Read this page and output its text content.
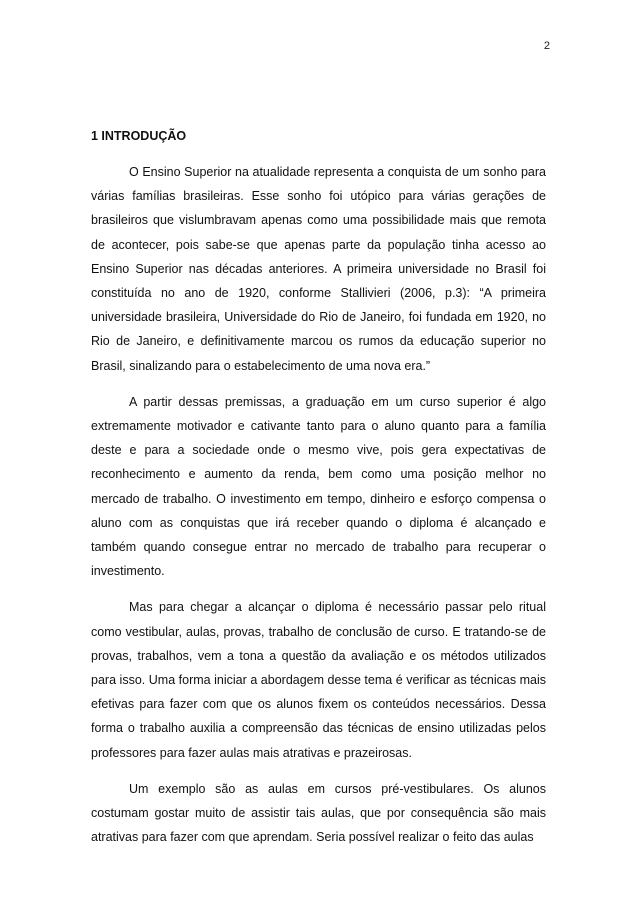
2
1 INTRODUÇÃO

O Ensino Superior na atualidade representa a conquista de um sonho para várias famílias brasileiras. Esse sonho foi utópico para várias gerações de brasileiros que vislumbravam apenas como uma possibilidade mais que remota de acontecer, pois sabe-se que apenas parte da população tinha acesso ao Ensino Superior nas décadas anteriores. A primeira universidade no Brasil foi constituída no ano de 1920, conforme Stallivieri (2006, p.3): “A primeira universidade brasileira, Universidade do Rio de Janeiro, foi fundada em 1920, no Rio de Janeiro, e definitivamente marcou os rumos da educação superior no Brasil, sinalizando para o estabelecimento de uma nova era.”

A partir dessas premissas, a graduação em um curso superior é algo extremamente motivador e cativante tanto para o aluno quanto para a família deste e para a sociedade onde o mesmo vive, pois gera expectativas de reconhecimento e aumento da renda, bem como uma posição melhor no mercado de trabalho. O investimento em tempo, dinheiro e esforço compensa o aluno com as conquistas que irá receber quando o diploma é alcançado e também quando consegue entrar no mercado de trabalho para recuperar o investimento.

Mas para chegar a alcançar o diploma é necessário passar pelo ritual como vestibular, aulas, provas, trabalho de conclusão de curso. E tratando-se de provas, trabalhos, vem a tona a questão da avaliação e os métodos utilizados para isso. Uma forma iniciar a abordagem desse tema é verificar as técnicas mais efetivas para fazer com que os alunos fixem os conteúdos necessários. Dessa forma o trabalho auxilia a compreensão das técnicas de ensino utilizadas pelos professores para fazer aulas mais atrativas e prazeirosas.

Um exemplo são as aulas em cursos pré-vestibulares. Os alunos costumam gostar muito de assistir tais aulas, que por consequência são mais atrativas para fazer com que aprendam. Seria possível realizar o feito das aulas
